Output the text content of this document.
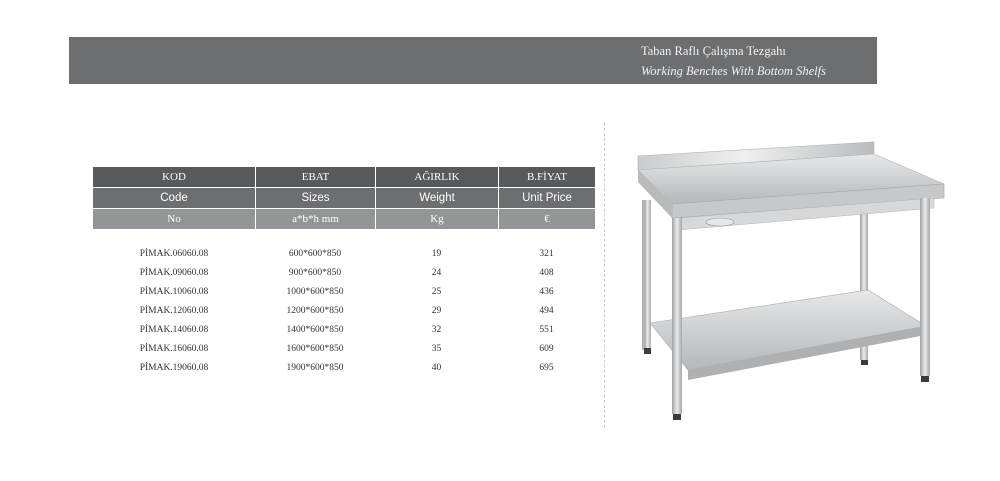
Taban Raflı Çalışma Tezgahı
Working Benches With Bottom Shelfs
KOD	EBAT	AĞIRLIK	B.FİYAT
Code	Sizes	Weight	Unit Price
No	a*b*h mm	Kg	€
PİMAK.06060.08	600*600*850	19	321
PİMAK.09060.08	900*600*850	24	408
PİMAK.10060.08	1000*600*850	25	436
PİMAK.12060.08	1200*600*850	29	494
PİMAK.14060.08	1400*600*850	32	551
PİMAK.16060.08	1600*600*850	35	609
PİMAK.19060.08	1900*600*850	40	695
